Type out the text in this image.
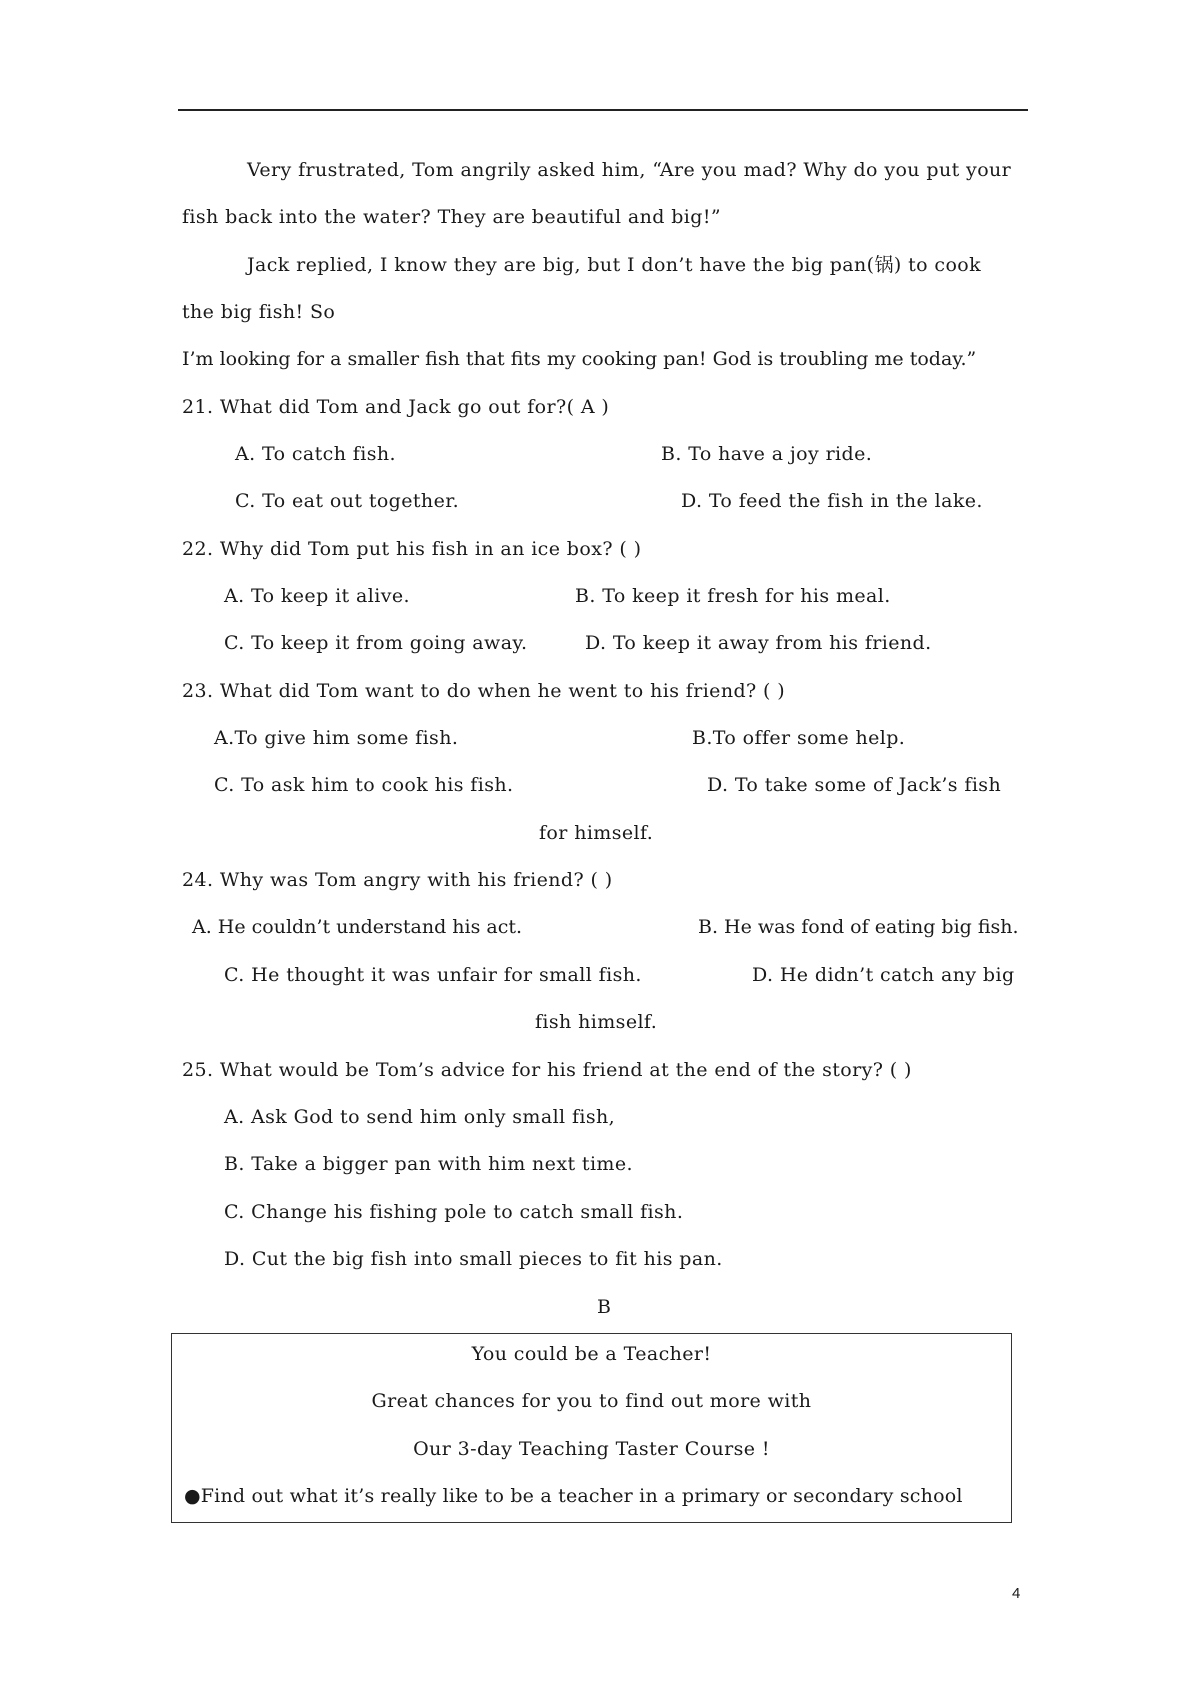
Very frustrated, Tom angrily asked him, “Are you mad? Why do you put your
fish back into the water? They are beautiful and big!”
Jack replied, I know they are big, but I don’t have the big pan(锅) to cook
the big fish! So
I’m looking for a smaller fish that fits my cooking pan! God is troubling me today.”
21. What did Tom and Jack go out for?( A )
A. To catch fish.	B. To have a joy ride.
C. To eat out together.	D. To feed the fish in the lake.
22. Why did Tom put his fish in an ice box? ( )
A. To keep it alive.	B. To keep it fresh for his meal.
C. To keep it from going away.	D. To keep it away from his friend.
23. What did Tom want to do when he went to his friend? ( )
A.To give him some fish.	B.To offer some help.
C. To ask him to cook his fish.	D. To take some of Jack’s fish
for himself.
24. Why was Tom angry with his friend? ( )
A. He couldn’t understand his act.	B. He was fond of eating big fish.
C. He thought it was unfair for small fish.	D. He didn’t catch any big
fish himself.
25. What would be Tom’s advice for his friend at the end of the story? ( )
A. Ask God to send him only small fish,
B. Take a bigger pan with him next time.
C. Change his fishing pole to catch small fish.
D. Cut the big fish into small pieces to fit his pan.
B
You could be a Teacher!
Great chances for you to find out more with
Our 3-day Teaching Taster Course !
●Find out what it’s really like to be a teacher in a primary or secondary school
4
